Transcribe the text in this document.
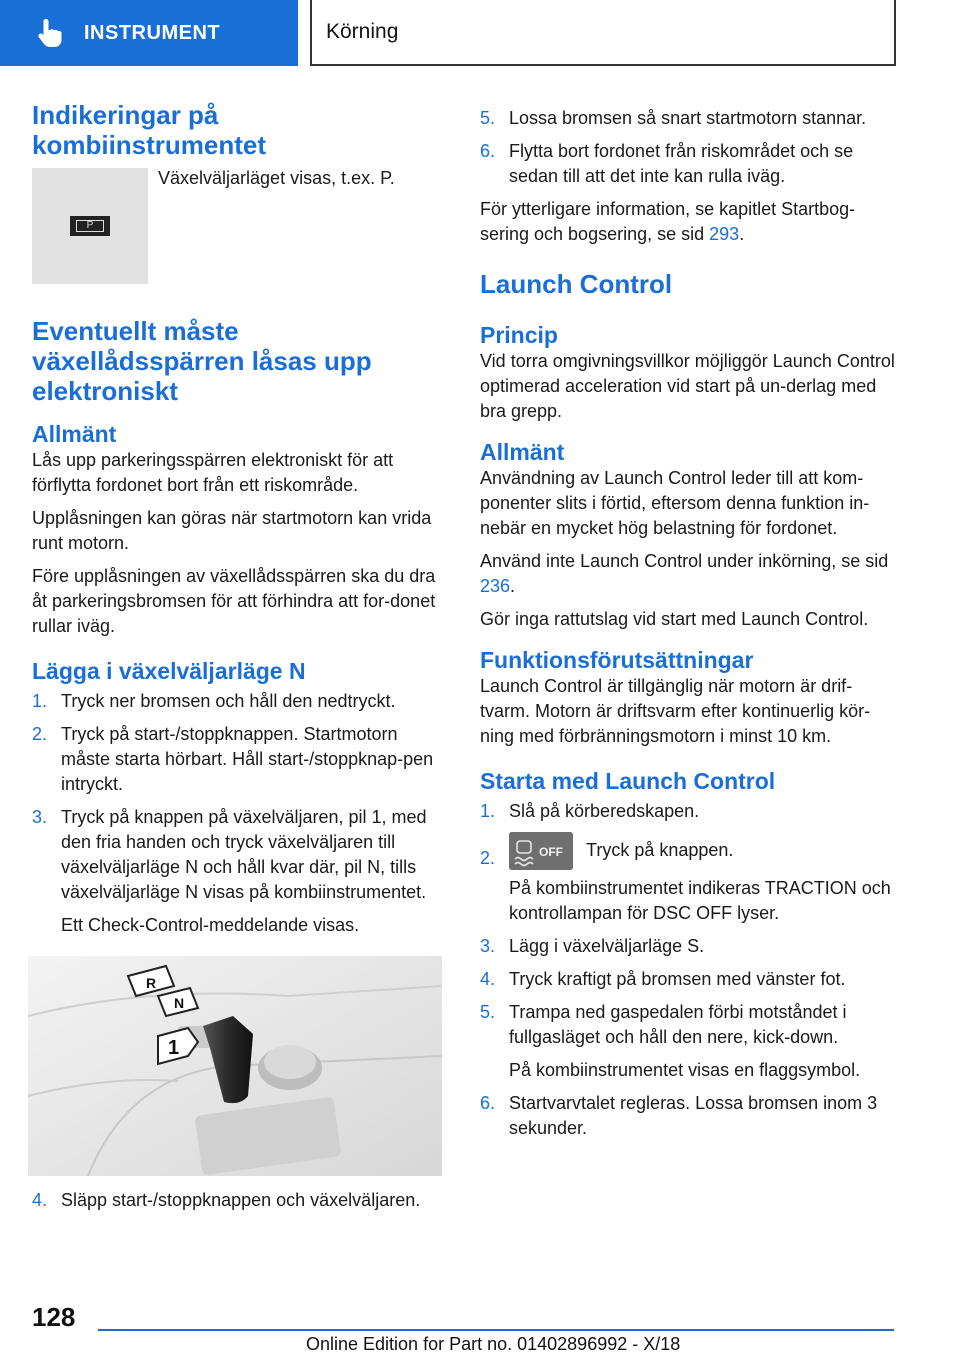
INSTRUMENT	Körning
Indikeringar på kombiinstrumentet
P

Växelväljarläget visas, t.ex. P.

Eventuellt måste växellådsspärren låsas upp elektroniskt
Allmänt

Lås upp parkeringsspärren elektroniskt för att förflytta fordonet bort från ett riskområde.

Upplåsningen kan göras när startmotorn kan vrida runt motorn.

Före upplåsningen av växellådsspärren ska du dra åt parkeringsbromsen för att förhindra att for-donet rullar iväg.

Lägga i växelväljarläge N
1. Tryck ner bromsen och håll den nedtryckt.
2. Tryck på start-/stoppknappen. Startmotorn måste starta hörbart. Håll start-/stoppknap-pen intryckt.
3. Tryck på knappen på växelväljaren, pil 1, med den fria handen och tryck växelväljaren till växelväljarläge N och håll kvar där, pil N, tills växelväljarläge N visas på kombiinstrumentet.
Ett Check-Control-meddelande visas.
R
N
1
4. Släpp start-/stoppknappen och växelväljaren.
5. Lossa bromsen så snart startmotorn stannar.
6. Flytta bort fordonet från riskområdet och se sedan till att det inte kan rulla iväg.

För ytterligare information, se kapitlet Startbog-sering och bogsering, se sid 293.

Launch Control
Princip

Vid torra omgivningsvillkor möjliggör Launch Control optimerad acceleration vid start på un-derlag med bra grepp.

Allmänt

Användning av Launch Control leder till att kom-ponenter slits i förtid, eftersom denna funktion in-nebär en mycket hög belastning för fordonet.

Använd inte Launch Control under inkörning, se sid 236.

Gör inga rattutslag vid start med Launch Control.

Funktionsförutsättningar

Launch Control är tillgänglig när motorn är drif-tvarm. Motorn är driftsvarm efter kontinuerlig kör-ning med förbränningsmotorn i minst 10 km.

Starta med Launch Control
1. Slå på körberedskapen.
2.	OFF Tryck på knappen.
På kombiinstrumentet indikeras TRACTION och kontrollampan för DSC OFF lyser.
3. Lägg i växelväljarläge S.
4. Tryck kraftigt på bromsen med vänster fot.
5. Trampa ned gaspedalen förbi motståndet i fullgasläget och håll den nere, kick-down.
På kombiinstrumentet visas en flaggsymbol.
6. Startvarvtalet regleras. Lossa bromsen inom 3 sekunder.
128
Online Edition for Part no. 01402896992 - X/18
